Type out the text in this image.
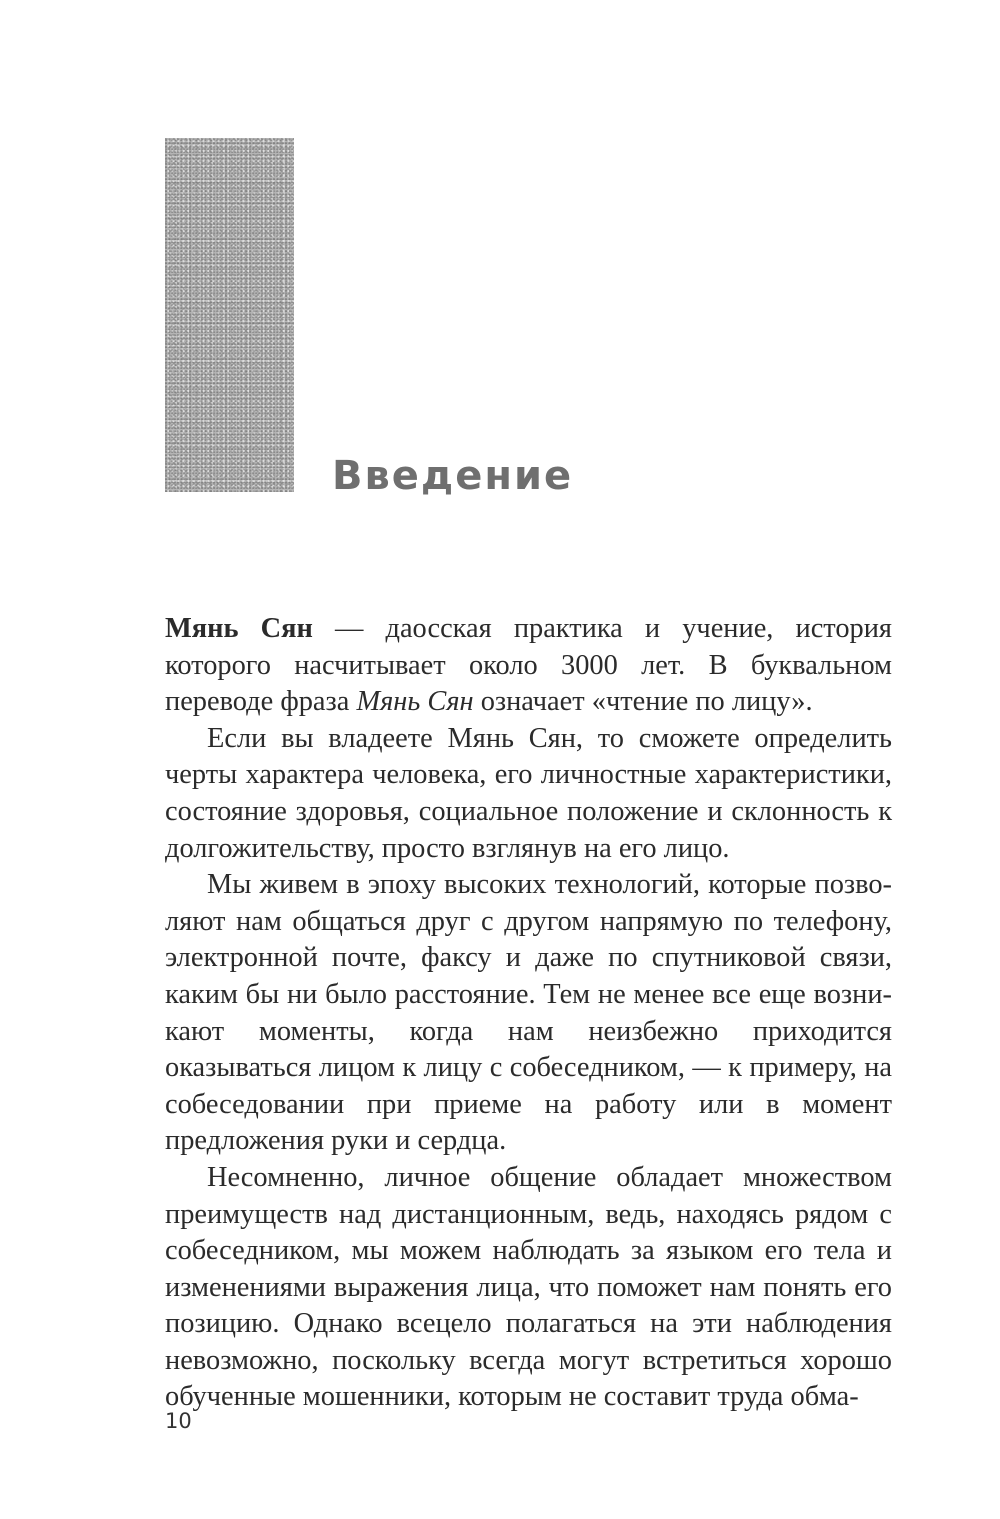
Введение

Мянь Сян — даосская практика и учение, история которого насчитывает около 3000 лет. В буквальном переводе фраза Мянь Сян означает «чтение по лицу».

Если вы владеете Мянь Сян, то сможете определить черты характера человека, его личностные характеристики, состояние здоровья, социальное положение и склонность к долгожительству, просто взглянув на его лицо.

Мы живем в эпоху высоких технологий, которые позволяют нам общаться друг с другом напрямую по телефону, электронной почте, факсу и даже по спутниковой связи, каким бы ни было расстояние. Тем не менее все еще возникают моменты, когда нам неизбежно приходится оказываться лицом к лицу с собеседником, — к примеру, на собеседовании при приеме на работу или в момент предложения руки и сердца.

Несомненно, личное общение обладает множеством преимуществ над дистанционным, ведь, находясь рядом с собеседником, мы можем наблюдать за языком его тела и изменениями выражения лица, что поможет нам понять его позицию. Однако всецело полагаться на эти наблюдения невозможно, поскольку всегда могут встретиться хорошо обученные мошенники, которым не составит труда обма-

10
